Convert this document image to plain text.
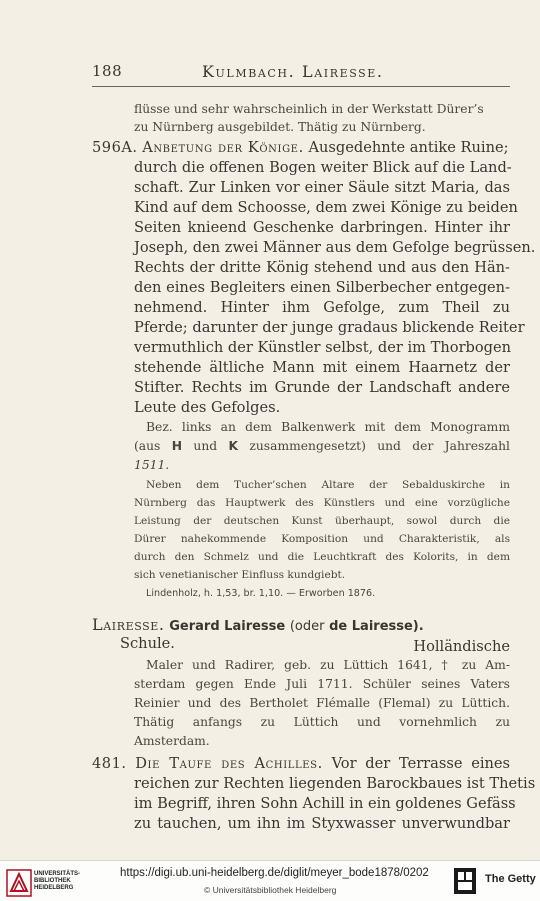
188	Kulmbach. Lairesse.
flüsse und sehr wahrscheinlich in der Werkstatt Dürer’s
zu Nürnberg ausgebildet. Thätig zu Nürnberg.
596A. Anbetung der Könige. Ausgedehnte antike Ruine;
durch die offenen Bogen weiter Blick auf die Land-
schaft. Zur Linken vor einer Säule sitzt Maria, das
Kind auf dem Schoosse, dem zwei Könige zu beiden
Seiten knieend Geschenke darbringen. Hinter ihr
Joseph, den zwei Männer aus dem Gefolge begrüssen.
Rechts der dritte König stehend und aus den Hän-
den eines Begleiters einen Silberbecher entgegen-
nehmend. Hinter ihm Gefolge, zum Theil zu
Pferde; darunter der junge gradaus blickende Reiter
vermuthlich der Künstler selbst, der im Thorbogen
stehende ältliche Mann mit einem Haarnetz der
Stifter. Rechts im Grunde der Landschaft andere
Leute des Gefolges.
Bez. links an dem Balkenwerk mit dem Monogramm
(aus H und K zusammengesetzt) und der Jahreszahl
1511.
Neben dem Tucher’schen Altare der Sebalduskirche in
Nürnberg das Hauptwerk des Künstlers und eine vorzügliche
Leistung der deutschen Kunst überhaupt, sowol durch die
Dürer nahekommende Komposition und Charakteristik, als
durch den Schmelz und die Leuchtkraft des Kolorits, in dem
sich venetianischer Einfluss kundgiebt.
Lindenholz, h. 1,53, br. 1,10. — Erworben 1876.
Lairesse. Gerard Lairesse (oder de Lairesse).
Holländische
Schule.
Maler und Radirer, geb. zu Lüttich 1641, † zu Am-
sterdam gegen Ende Juli 1711. Schüler seines Vaters
Reinier und des Bertholet Flémalle (Flemal) zu Lüttich.
Thätig anfangs zu Lüttich und vornehmlich zu
Amsterdam.
481. Die Taufe des Achilles. Vor der Terrasse eines
reichen zur Rechten liegenden Barockbaues ist Thetis
im Begriff, ihren Sohn Achill in ein goldenes Gefäss
zu tauchen, um ihn im Styxwasser unverwundbar
UNIVERSITÄTS-
BIBLIOTHEK
HEIDELBERG
https://digi.ub.uni-heidelberg.de/diglit/meyer_bode1878/0202
© Universitätsbibliothek Heidelberg
The Getty
